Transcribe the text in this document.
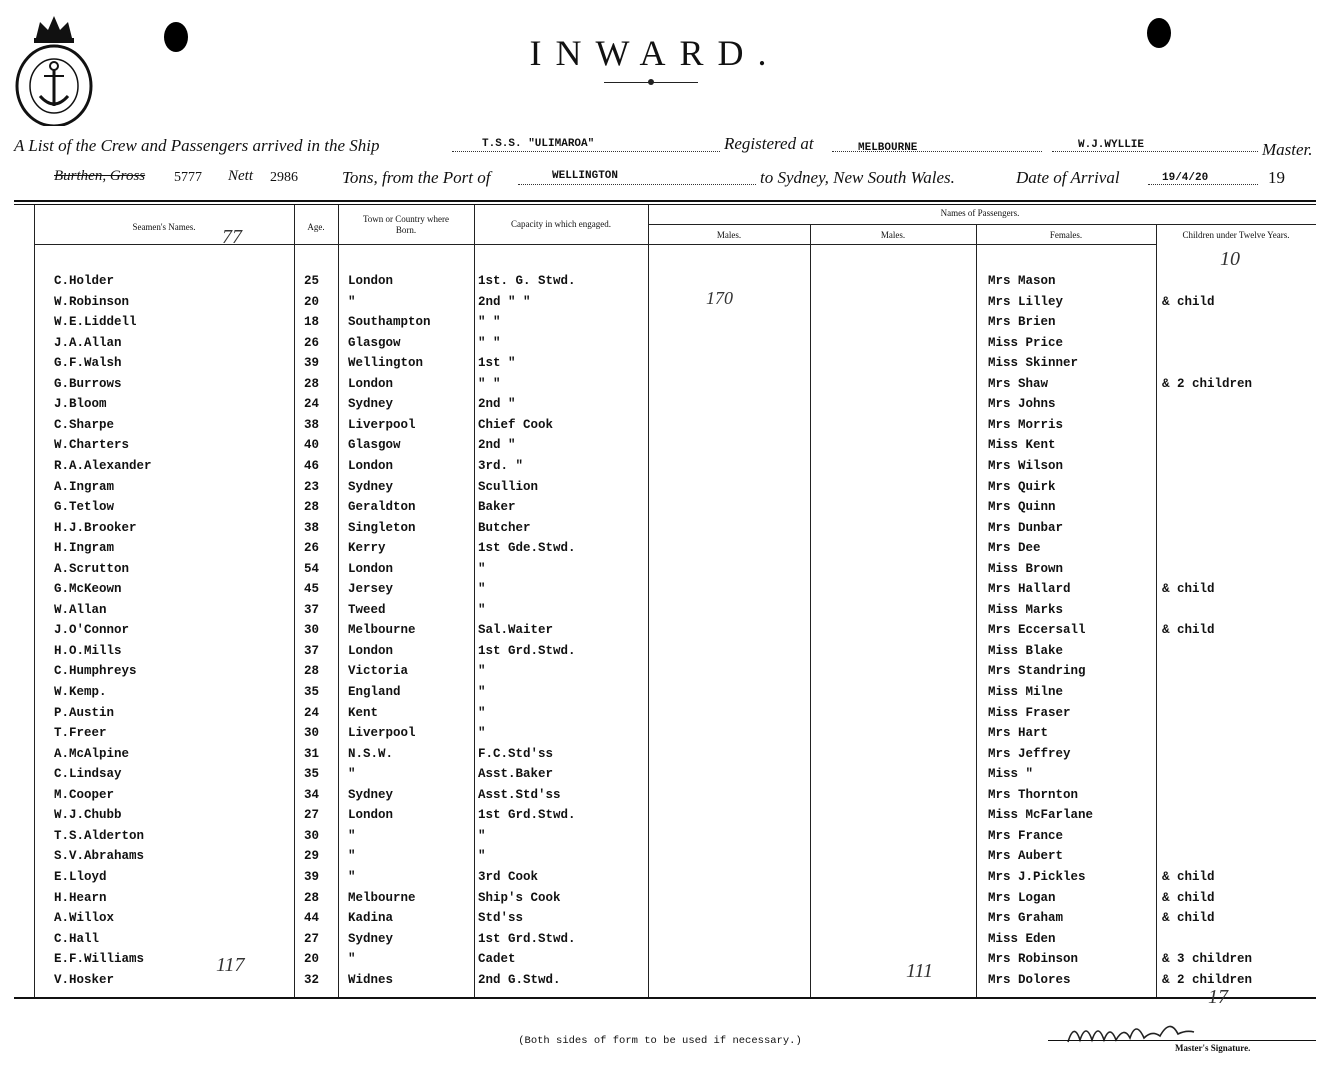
INWARD.
A List of the Crew and Passengers arrived in the Ship	T.S.S. "ULIMAROA"	Registered at	MELBOURNE	W.J.WYLLIE	Master.
Burthen, Gross 5777 Nett 2986	Tons, from the Port of	WELLINGTON	to Sydney, New South Wales.	Date of Arrival	19/4/20	19
Seamen's Names.	Age.
Town or Country where Born.
Capacity in which engaged.
Names of Passengers.
Males.	Males.	Females.	Children under Twelve Years.
77
10
170
117	111
17
C.Holder	25 London	1st. G. Stwd.	Mrs Mason
W.Robinson	20 "	2nd " "	Mrs Lilley	& child
W.E.Liddell	18 Southampton	" "	Mrs Brien
J.A.Allan	26 Glasgow	" "	Miss Price
G.F.Walsh	39 Wellington	1st "	Miss Skinner
G.Burrows	28 London	" "	Mrs Shaw	& 2 children
J.Bloom	24 Sydney	2nd "	Mrs Johns
C.Sharpe	38 Liverpool	Chief Cook	Mrs Morris
W.Charters	40 Glasgow	2nd "	Miss Kent
R.A.Alexander	46 London	3rd. "	Mrs Wilson
A.Ingram	23 Sydney	Scullion	Mrs Quirk
G.Tetlow	28 Geraldton	Baker	Mrs Quinn
H.J.Brooker	38 Singleton	Butcher	Mrs Dunbar
H.Ingram	26 Kerry	1st Gde.Stwd.	Mrs Dee
A.Scrutton	54 London	"	Miss Brown
G.McKeown	45 Jersey	"	Mrs Hallard	& child
W.Allan	37 Tweed	"	Miss Marks
J.O'Connor	30 Melbourne	Sal.Waiter	Mrs Eccersall	& child
H.O.Mills	37 London	1st Grd.Stwd.	Miss Blake
C.Humphreys	28 Victoria	"	Mrs Standring
W.Kemp.	35 England	"	Miss Milne
P.Austin	24 Kent	"	Miss Fraser
T.Freer	30 Liverpool	"	Mrs Hart
A.McAlpine	31 N.S.W.	F.C.Std'ss	Mrs Jeffrey
C.Lindsay	35 "	Asst.Baker	Miss "
M.Cooper	34 Sydney	Asst.Std'ss	Mrs Thornton
W.J.Chubb	27 London	1st Grd.Stwd.	Miss McFarlane
T.S.Alderton	30 "	"	Mrs France
S.V.Abrahams	29 "	"	Mrs Aubert
E.Lloyd	39 "	3rd Cook	Mrs J.Pickles	& child
H.Hearn	28 Melbourne	Ship's Cook	Mrs Logan	& child
A.Willox	44 Kadina	Std'ss	Mrs Graham	& child
C.Hall	27 Sydney	1st Grd.Stwd.	Miss Eden
E.F.Williams	20 "	Cadet	Mrs Robinson	& 3 children
V.Hosker	32 Widnes	2nd G.Stwd.	Mrs Dolores	& 2 children
(Both sides of form to be used if necessary.)
Master's Signature.
